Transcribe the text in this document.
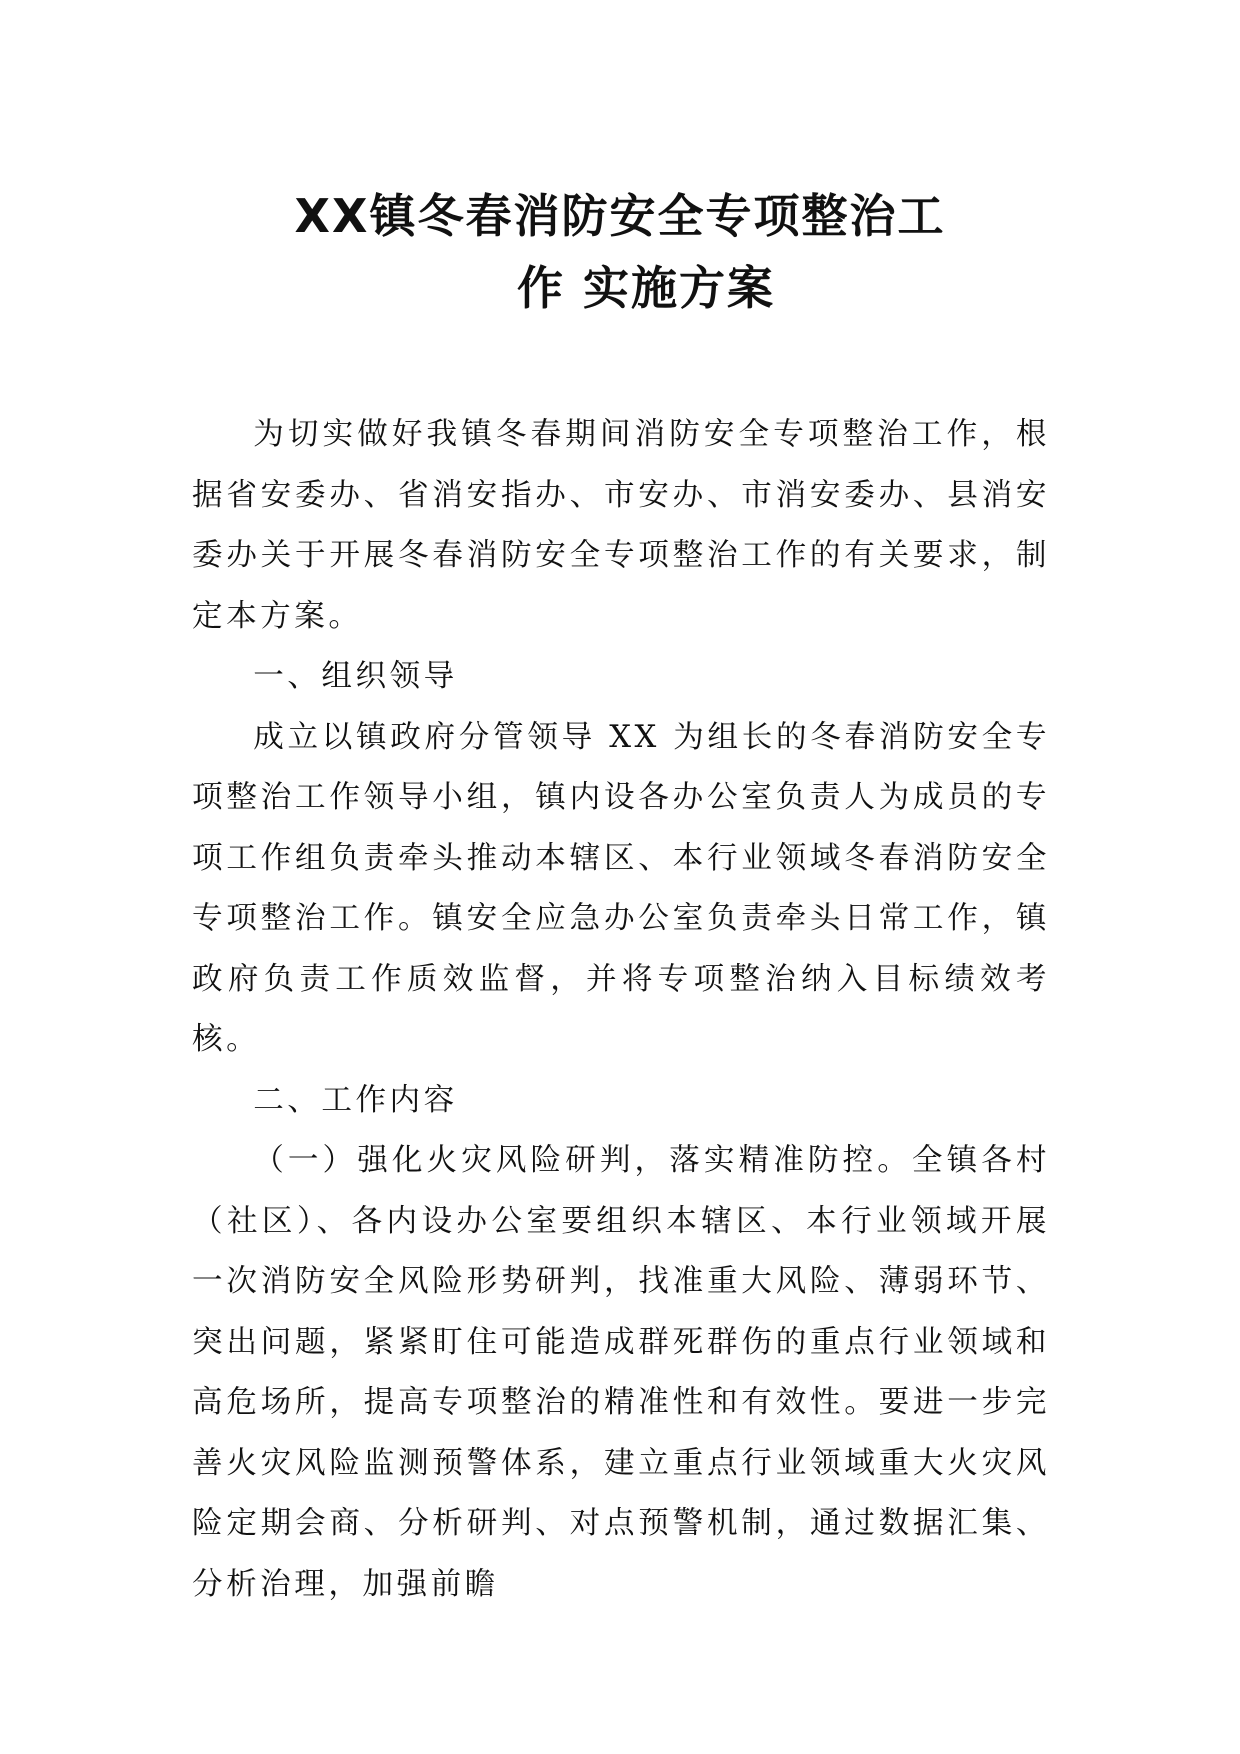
XX镇冬春消防安全专项整治工
作 实施方案

为切实做好我镇冬春期间消防安全专项整治工作，根据省安委办、省消安指办、市安办、市消安委办、县消安委办关于开展冬春消防安全专项整治工作的有关要求，制定本方案。

一、组织领导

成立以镇政府分管领导 XX 为组长的冬春消防安全专项整治工作领导小组，镇内设各办公室负责人为成员的专项工作组负责牵头推动本辖区、本行业领域冬春消防安全专项整治工作。镇安全应急办公室负责牵头日常工作，镇政府负责工作质效监督，并将专项整治纳入目标绩效考核。

二、工作内容

（一）强化火灾风险研判，落实精准防控。全镇各村（社区）、各内设办公室要组织本辖区、本行业领域开展一次消防安全风险形势研判，找准重大风险、薄弱环节、突出问题，紧紧盯住可能造成群死群伤的重点行业领域和高危场所，提高专项整治的精准性和有效性。要进一步完善火灾风险监测预警体系，建立重点行业领域重大火灾风险定期会商、分析研判、对点预警机制，通过数据汇集、分析治理，加强前瞻
